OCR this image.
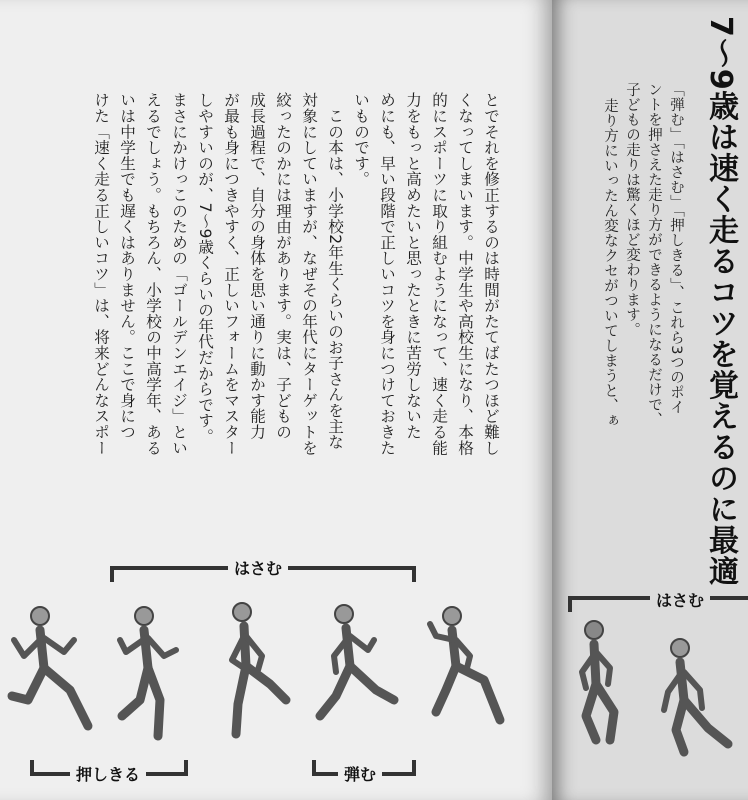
とでそれを修正するのは時間がたてばたつほど難し
くなってしまいます。中学生や高校生になり、本格
的にスポーツに取り組むようになって、速く走る能
力をもっと高めたいと思ったときに苦労しないた
めにも、早い段階で正しいコツを身につけておきた
いものです。
　この本は、小学校2年生くらいのお子さんを主な
対象にしていますが、なぜその年代にターゲットを
絞ったのかには理由があります。実は、子どもの
成長過程で、自分の身体を思い通りに動かす能力
が最も身につきやすく、正しいフォームをマスター
しやすいのが、7～9歳くらいの年代だからです。
まさにかけっこのための「ゴールデンエイジ」とい
えるでしょう。もちろん、小学校の中高学年、ある
いは中学生でも遅くはありません。ここで身につ
けた「速く走る正しいコツ」は、将来どんなスポー
はさむ
押しきる	弾む
7～9歳は速く走るコツを覚えるのに最適
「弾む」「はさむ」「押しきる」、これら3つのポイ
ントを押さえた走り方ができるようになるだけで、
子どもの走りは驚くほど変わります。
走り方にいったん変なクセがついてしまうと、ぁ
はさむ
